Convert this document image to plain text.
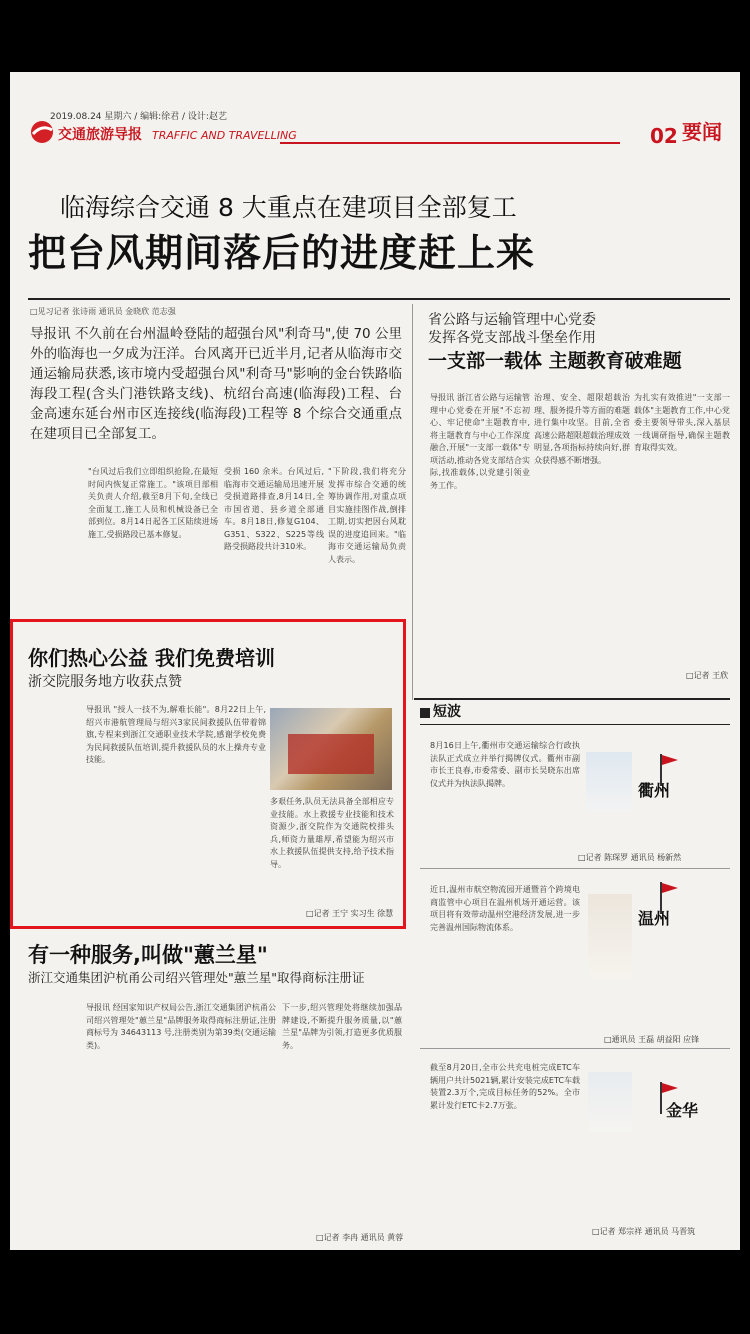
2019.08.24 星期六 / 编辑:徐君 / 设计:赵艺
交通旅游导报 TRAFFIC AND TRAVELLING	02 要闻
临海综合交通 8 大重点在建项目全部复工
把台风期间落后的进度赶上来
□见习记者 张诗雨 通讯员 金晓欣 范志强
导报讯 不久前在台州温岭登陆的超强台风"利奇马",使 70 公里外的临海也一夕成为汪洋。台风离开已近半月,记者从临海市交通运输局获悉,该市境内受超强台风"利奇马"影响的金台铁路临海段工程(含头门港铁路支线)、杭绍台高速(临海段)工程、台金高速东延台州市区连接线(临海段)工程等 8 个综合交通重点在建项目已全部复工。
"台风过后我们立即组织抢险,在最短时间内恢复正常施工。"该项目部相关负责人介绍,截至8月下旬,全线已全面复工,施工人员和机械设备已全部到位。8月14日起各工区陆续进场施工,受损路段已基本修复。
受损 160 余米。台风过后,临海市交通运输局迅速开展受损道路排查,8月14日,全市国省道、县乡道全部通车。8月18日,修复G104、G351、S322、S225等线路受损路段共计310米。
"下阶段,我们将充分发挥市综合交通的统筹协调作用,对重点项目实施挂图作战,倒排工期,切实把因台风耽误的进度追回来。"临海市交通运输局负责人表示。
省公路与运输管理中心党委
发挥各党支部战斗堡垒作用
一支部一载体 主题教育破难题
导报讯 浙江省公路与运输管理中心党委在开展"不忘初心、牢记使命"主题教育中,将主题教育与中心工作深度融合,开展"一支部一载体"专项活动,推动各党支部结合实际,找准载体,以党建引领业务工作。
治理、安全、超限超载治理、服务提升等方面的难题进行集中攻坚。目前,全省高速公路超限超载治理成效明显,各项指标持续向好,群众获得感不断增强。
为扎实有效推进"一支部一载体"主题教育工作,中心党委主要领导带头,深入基层一线调研指导,确保主题教育取得实效。
□记者 王欣
你们热心公益 我们免费培训
浙交院服务地方收获点赞
导报讯 "授人一技不为,解难长能"。8月22日上午,绍兴市港航管理局与绍兴3家民间救援队伍带着锦旗,专程来到浙江交通职业技术学院,感谢学校免费为民间救援队伍培训,提升救援队员的水上操舟专业技能。
多艰任务,队员无法具备全部相应专业技能。水上救援专业技能和技术资源少,浙交院作为交通院校排头兵,师资力量雄厚,希望能为绍兴市水上救援队伍提供支持,给予技术指导。
□记者 王宁 实习生 徐慧
有一种服务,叫做"蕙兰星"
浙江交通集团沪杭甬公司绍兴管理处"蕙兰星"取得商标注册证
导报讯 经国家知识产权局公告,浙江交通集团沪杭甬公司绍兴管理处"蕙兰星"品牌服务取得商标注册证,注册商标号为 34643113 号,注册类别为第39类(交通运输类)。
下一步,绍兴管理处将继续加强品牌建设,不断提升服务质量,以"蕙兰星"品牌为引领,打造更多优质服务。
□记者 李冉 通讯员 黄蓉
短波
8月16日上午,衢州市交通运输综合行政执法队正式成立并举行揭牌仪式。衢州市副市长王良春,市委常委、副市长吴晓东出席仪式并为执法队揭牌。	衢州
□记者 陈琛罗 通讯员 杨新然
近日,温州市航空物流园开通暨首个跨境电商监管中心项目在温州机场开通运营。该项目将有效带动温州空港经济发展,进一步完善温州国际物流体系。	温州
□通讯员 王磊 胡益阳 应锋
截至8月20日,全市公共充电桩完成ETC车辆用户共计5021辆,累计安装完成ETC车载装置2.3万个,完成目标任务的52%。全市累计发行ETC卡2.7万张。	金华
□记者 郑宗祥 通讯员 马晋筑
